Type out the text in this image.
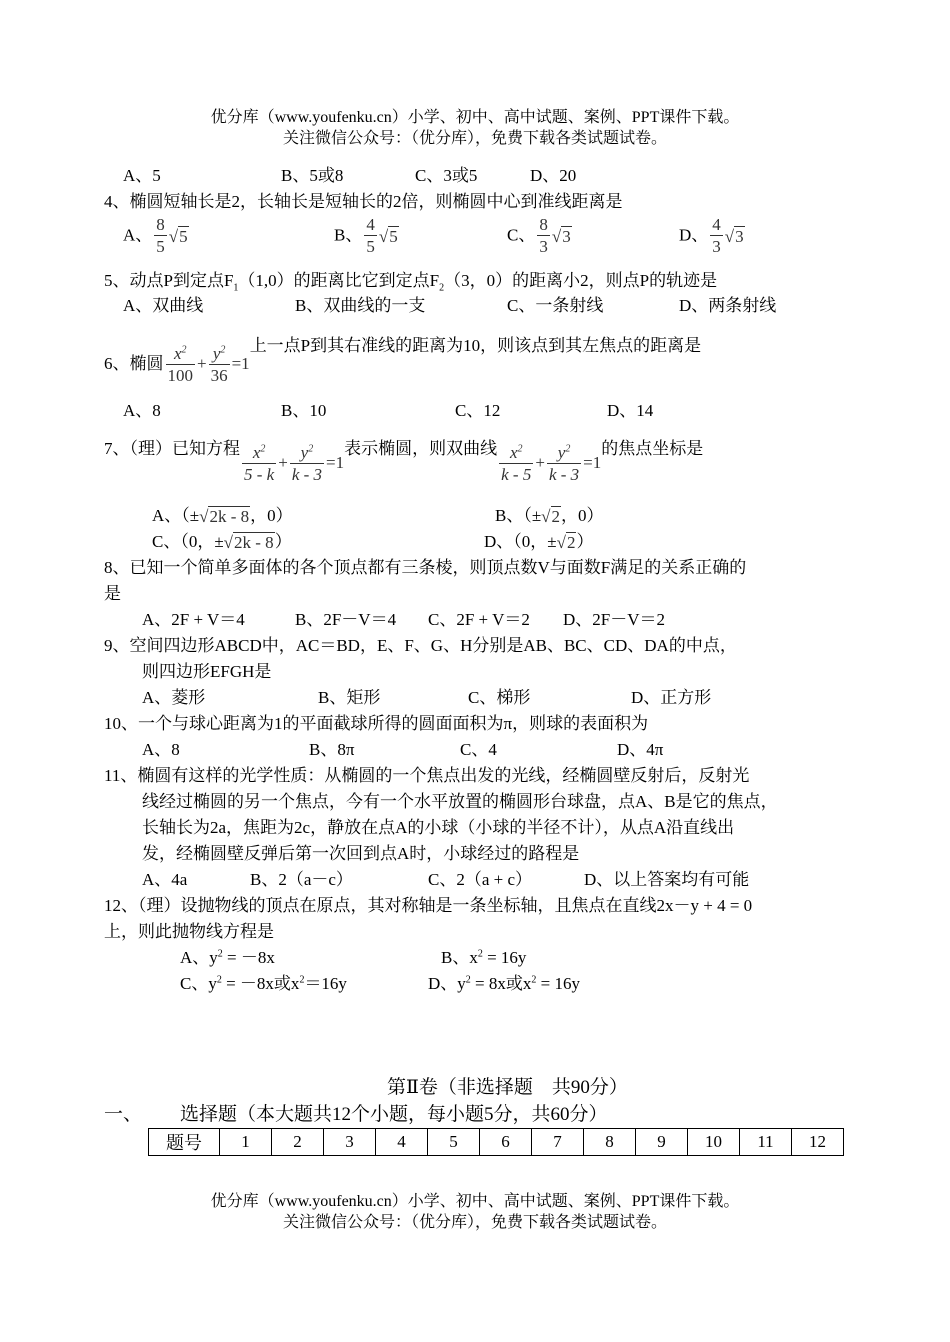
优分库（www.youfenku.cn）小学、初中、高中试题、案例、PPT课件下载。
关注微信公众号：（优分库），免费下载各类试题试卷。
A、5	B、5或8	C、3或5	D、20
4、椭圆短轴长是2，长轴长是短轴长的2倍，则椭圆中心到准线距离是
A、 $\frac{8}{5} √5$	B、 $\frac{4}{5} √5$	C、 $\frac{8}{3} √3$	D、 $\frac{4}{3} √3$
5、动点P到定点$F_1(1,0)$的距离比它到定点$F_2(3$，0）的距离小2，则点P的轨迹是
A、双曲线	B、双曲线的一支	C、一条射线	D、两条射线
6、椭圆 $\frac{x^2}{100} + \frac{y^2}{36} =1$上一点P到其右准线的距离为10，则该点到其左焦点的距离是
A、8	B、10	C、12	D、14
7、（理）已知方程 $\frac{x^2}{5 - k} + \frac{y^2}{k - 3} =1$表示椭圆，则双曲线 $\frac{x^2}{k - 5} + \frac{y^2}{k - 3} =1$的焦点坐标是
A、（±√2k - 8，0）	B、（±√2，0）
C、（0，±√2k - 8）	D、（0，±√2）
8、已知一个简单多面体的各个顶点都有三条棱，则顶点数V与面数F满足的关系正确的
是
A、2F + V＝4	B、2F－V＝4 C、2F + V＝2 D、2F－V＝2
9、空间四边形ABCD中，AC＝BD，E、F、G、H分别是AB、BC、CD、DA的中点，
则四边形EFGH是
A、菱形	B、矩形	C、梯形	D、正方形
10、一个与球心距离为1的平面截球所得的圆面面积为π，则球的表面积为
A、8	B、8π	C、4	D、4π
11、椭圆有这样的光学性质：从椭圆的一个焦点出发的光线，经椭圆壁反射后，反射光
线经过椭圆的另一个焦点，今有一个水平放置的椭圆形台球盘，点A、B是它的焦点，
长轴长为2a，焦距为2c，静放在点A的小球（小球的半径不计），从点A沿直线出
发，经椭圆壁反弹后第一次回到点A时，小球经过的路程是
A、4a	B、2（a－c）	C、2（a + c）	D、以上答案均有可能
12、（理）设抛物线的顶点在原点，其对称轴是一条坐标轴，且焦点在直线2x－y + 4 = 0
上，则此抛物线方程是
A、$y^2 = -8x$	B、$x^2 = 16y$
C、$y^2 = -8x$或$x^2=16y$	D、$y^2 = 8x$或$x^2 = 16y$
第Ⅱ卷（非选择题　共90分）
一、 选择题（本大题共12个小题，每小题5分，共60分）
题号	1	2	3	4	5	6	7	8	9	10	11	12
优分库（www.youfenku.cn）小学、初中、高中试题、案例、PPT课件下载。
关注微信公众号：（优分库），免费下载各类试题试卷。
